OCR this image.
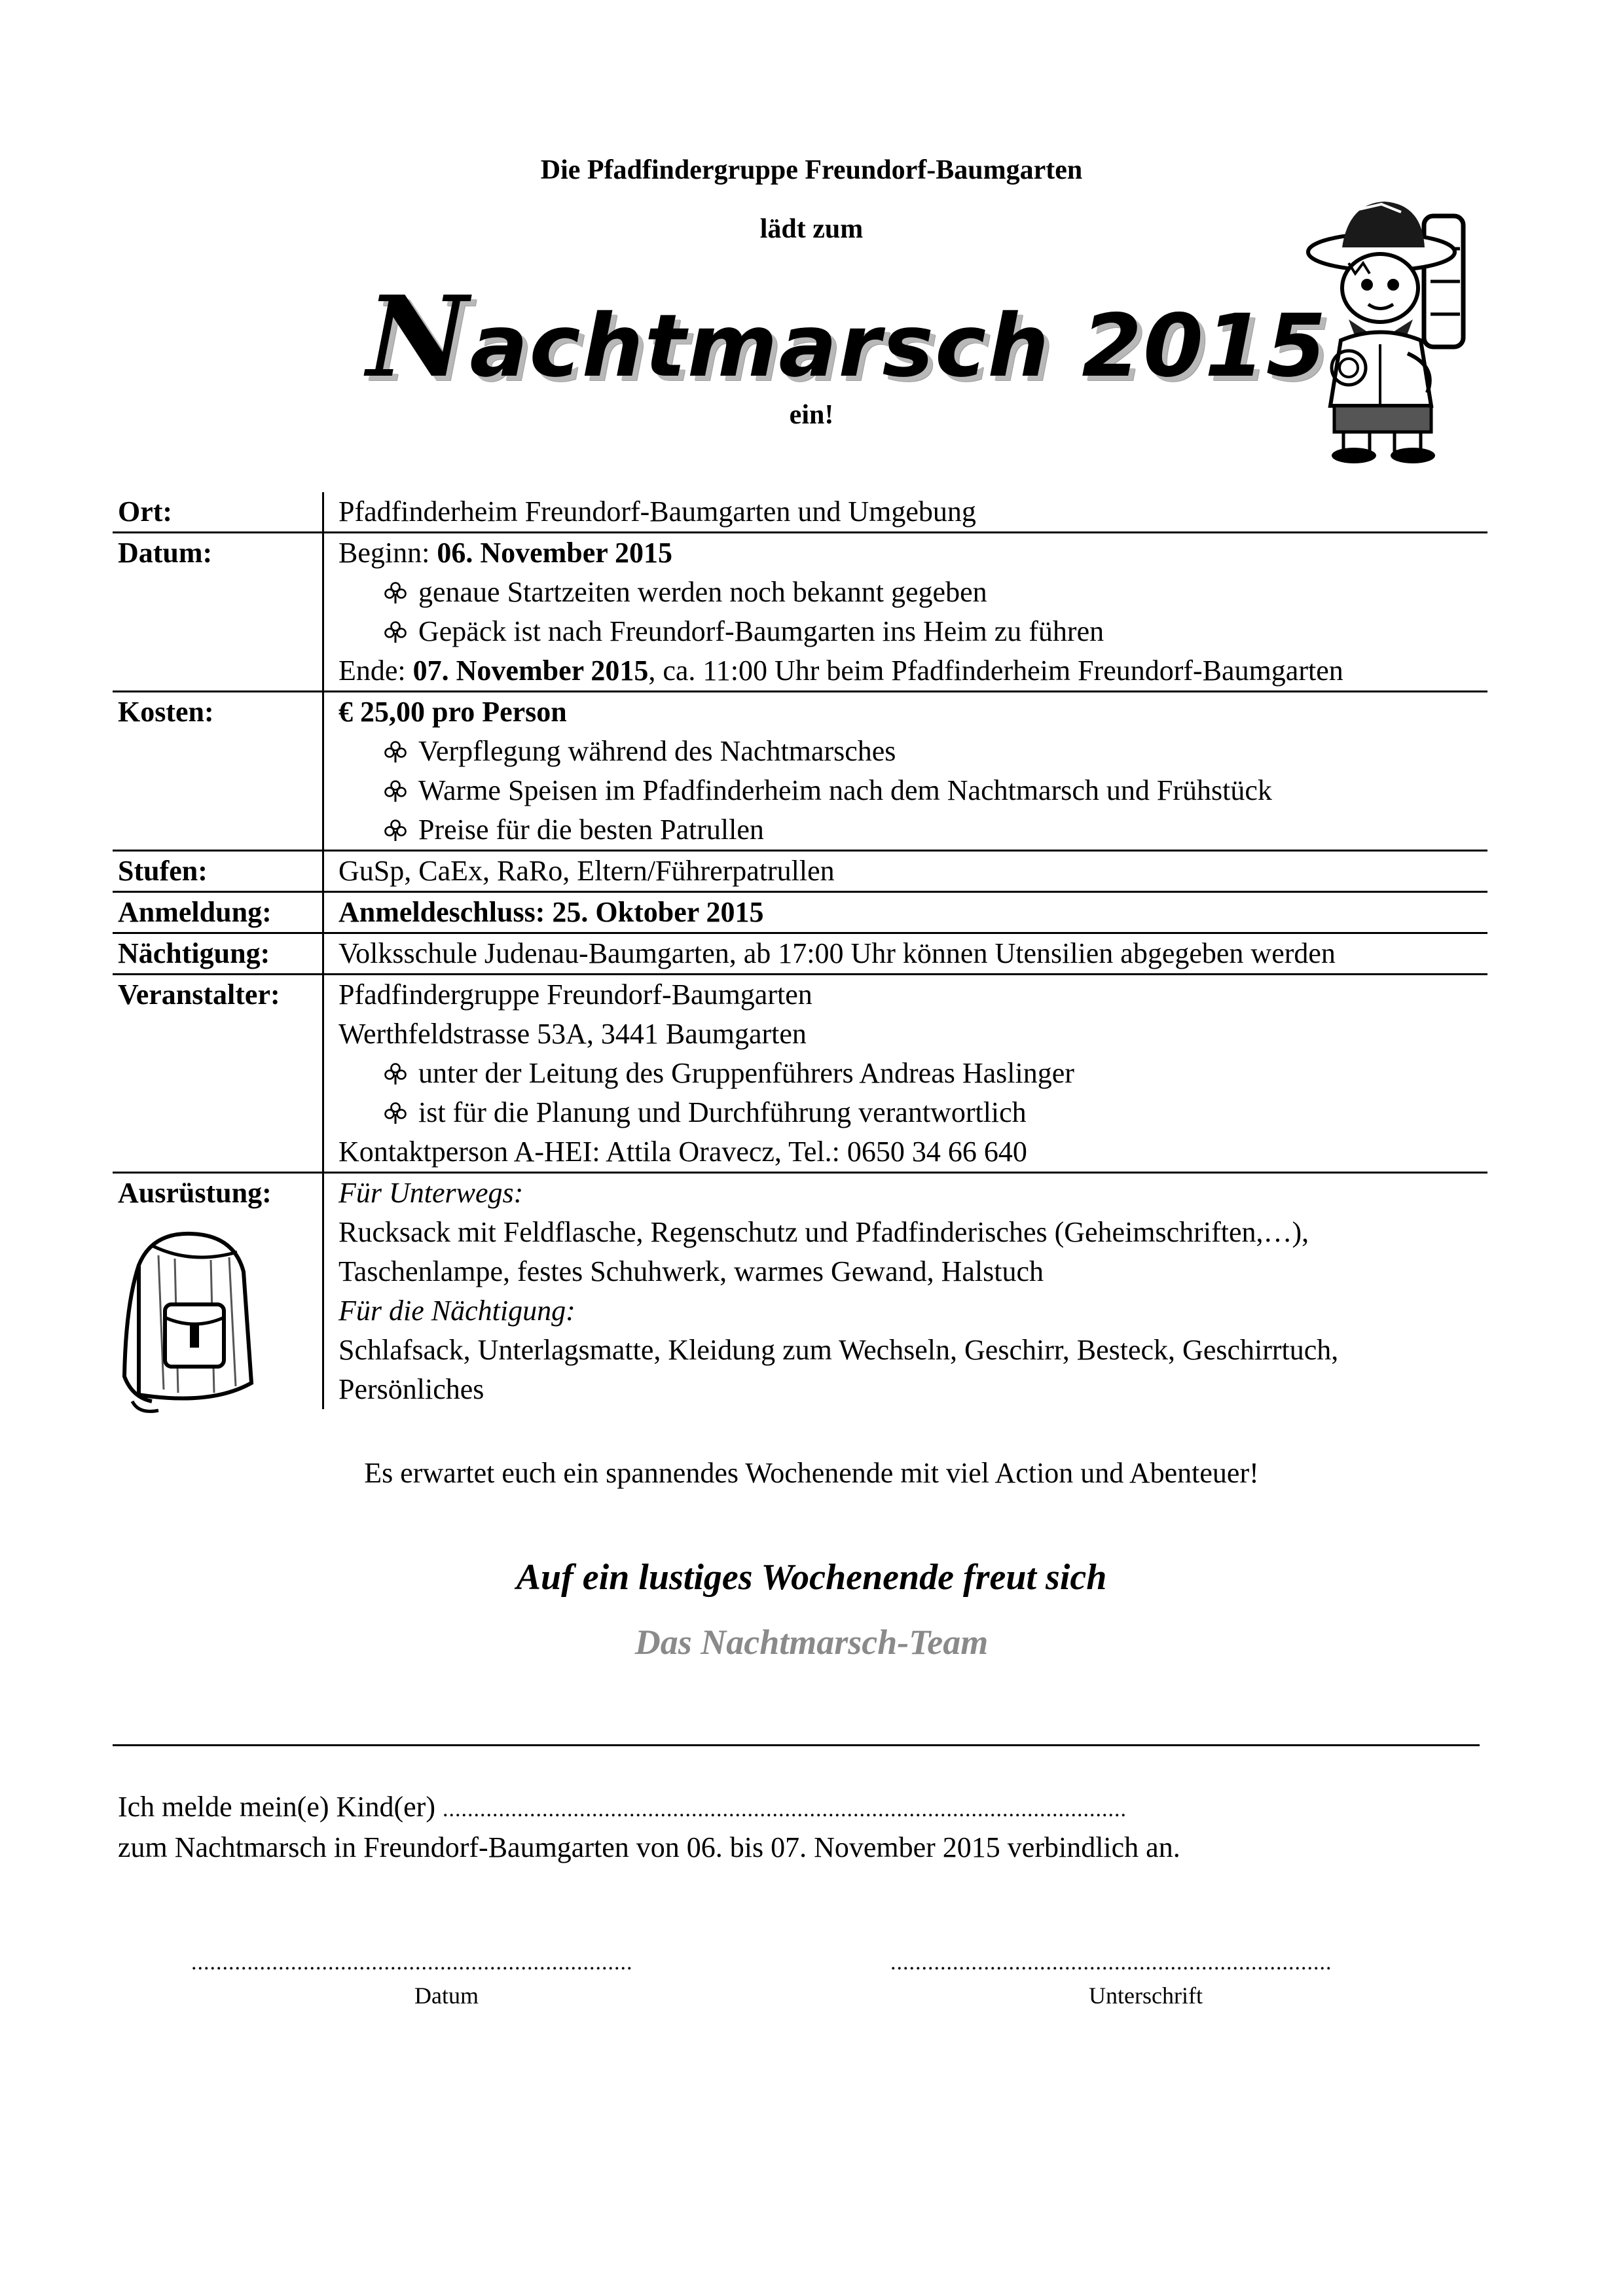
Die Pfadfindergruppe Freundorf-Baumgarten
lädt zum
Nachtmarsch 2015
ein!
Ort:	Pfadfinderheim Freundorf-Baumgarten und Umgebung
Datum:	Beginn: 06. November 2015
genaue Startzeiten werden noch bekannt gegeben
Gepäck ist nach Freundorf-Baumgarten ins Heim zu führen
Ende: 07. November 2015, ca. 11:00 Uhr beim Pfadfinderheim Freundorf-Baumgarten
Kosten:	€ 25,00 pro Person
Verpflegung während des Nachtmarsches
Warme Speisen im Pfadfinderheim nach dem Nachtmarsch und Frühstück
Preise für die besten Patrullen
Stufen:	GuSp, CaEx, RaRo, Eltern/Führerpatrullen
Anmeldung:	Anmeldeschluss: 25. Oktober 2015
Nächtigung:	Volksschule Judenau-Baumgarten, ab 17:00 Uhr können Utensilien abgegeben werden
Veranstalter:	Pfadfindergruppe Freundorf-Baumgarten
Werthfeldstrasse 53A, 3441 Baumgarten
unter der Leitung des Gruppenführers Andreas Haslinger
ist für die Planung und Durchführung verantwortlich
Kontaktperson A-HEI: Attila Oravecz, Tel.: 0650 34 66 640
Ausrüstung:	Für Unterwegs:
Rucksack mit Feldflasche, Regenschutz und Pfadfinderisches (Geheimschriften,…),
Taschenlampe, festes Schuhwerk, warmes Gewand, Halstuch
Für die Nächtigung:
Schlafsack, Unterlagsmatte, Kleidung zum Wechseln, Geschirr, Besteck, Geschirrtuch,
Persönliches
Es erwartet euch ein spannendes Wochenende mit viel Action und Abenteuer!
Auf ein lustiges Wochenende freut sich
Das Nachtmarsch-Team
Ich melde mein(e) Kind(er) ..............................................................................................................
zum Nachtmarsch in Freundorf-Baumgarten von 06. bis 07. November 2015 verbindlich an.
.......................................................................	.......................................................................
Datum	Unterschrift
